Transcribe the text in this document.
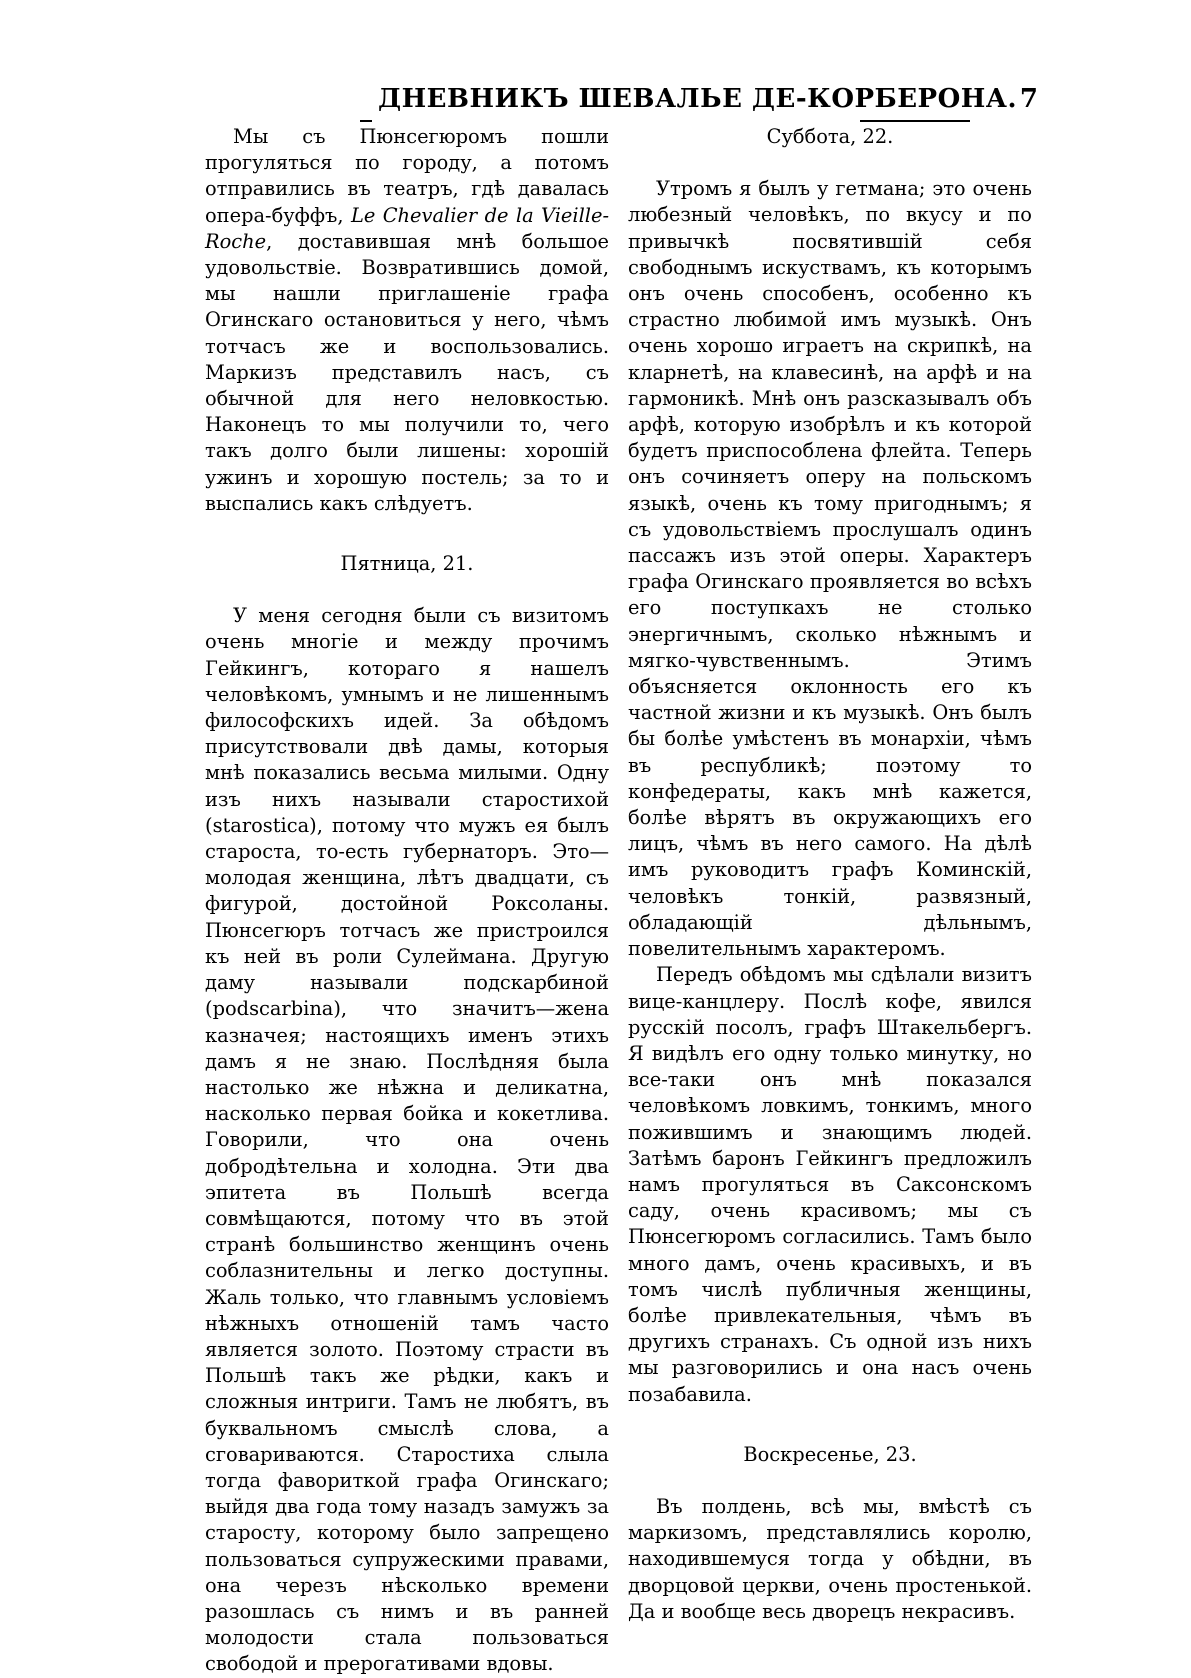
ДНЕВНИКЪ ШЕВАЛЬЕ ДЕ-КОРБЕРОНА. 7

Мы съ Пюнсегюромъ пошли прогуляться по городу, а потомъ отправились въ театръ, гдѣ давалась опера-буффъ, Le Chevalier de la Vieille-Roche, доставившая мнѣ большое удовольствіе. Возвратившись домой, мы нашли приглашеніе графа Огинскаго остановиться у него, чѣмъ тотчасъ же и воспользовались. Маркизъ представилъ насъ, съ обычной для него неловкостью. Наконецъ то мы получили то, чего такъ долго были лишены: хорошій ужинъ и хорошую постель; за то и выспались какъ слѣдуетъ.

Пятница, 21.

У меня сегодня были съ визитомъ очень многіе и между прочимъ Гейкингъ, котораго я нашелъ человѣкомъ, умнымъ и не лишеннымъ философскихъ идей. За обѣдомъ присутствовали двѣ дамы, которыя мнѣ показались весьма милыми. Одну изъ нихъ называли старостихой (starostica), потому что мужъ ея былъ староста, то-есть губернаторъ. Это—молодая женщина, лѣтъ двадцати, съ фигурой, достойной Роксоланы. Пюнсегюръ тотчасъ же пристроился къ ней въ роли Сулеймана. Другую даму называли подскарбиной (podscarbina), что значитъ—жена казначея; настоящихъ именъ этихъ дамъ я не знаю. Послѣдняя была настолько же нѣжна и деликатна, насколько первая бойка и кокетлива. Говорили, что она очень добродѣтельна и холодна. Эти два эпитета въ Польшѣ всегда совмѣщаются, потому что въ этой странѣ большинство женщинъ очень соблазнительны и легко доступны. Жаль только, что главнымъ условіемъ нѣжныхъ отношеній тамъ часто является золото. Поэтому страсти въ Польшѣ такъ же рѣдки, какъ и сложныя интриги. Тамъ не любятъ, въ буквальномъ смыслѣ слова, а сговариваются. Старостиха слыла тогда фавориткой графа Огинскаго; выйдя два года тому назадъ замужъ за старосту, которому было запрещено пользоваться супружескими правами, она черезъ нѣсколько времени разошлась съ нимъ и въ ранней молодости стала пользоваться свободой и прерогативами вдовы.

Суббота, 22.

Утромъ я былъ у гетмана; это очень любезный человѣкъ, по вкусу и по привычкѣ посвятившій себя свободнымъ искуствамъ, къ которымъ онъ очень способенъ, особенно къ страстно любимой имъ музыкѣ. Онъ очень хорошо играетъ на скрипкѣ, на кларнетѣ, на клавесинѣ, на арфѣ и на гармоникѣ. Мнѣ онъ разсказывалъ объ арфѣ, которую изобрѣлъ и къ которой будетъ приспособлена флейта. Теперь онъ сочиняетъ оперу на польскомъ языкѣ, очень къ тому пригоднымъ; я съ удовольствіемъ прослушалъ одинъ пассажъ изъ этой оперы. Характеръ графа Огинскаго проявляется во всѣхъ его поступкахъ не столько энергичнымъ, сколько нѣжнымъ и мягко-чувственнымъ. Этимъ объясняется оклонность его къ частной жизни и къ музыкѣ. Онъ былъ бы болѣе умѣстенъ въ монархіи, чѣмъ въ республикѣ; поэтому то конфедераты, какъ мнѣ кажется, болѣе вѣрятъ въ окружающихъ его лицъ, чѣмъ въ него самого. На дѣлѣ имъ руководитъ графъ Коминскій, человѣкъ тонкій, развязный, обладающій дѣльнымъ, повелительнымъ характеромъ.

Передъ обѣдомъ мы сдѣлали визитъ вице-канцлеру. Послѣ кофе, явился русскій посолъ, графъ Штакельбергъ. Я видѣлъ его одну только минутку, но все-таки онъ мнѣ показался человѣкомъ ловкимъ, тонкимъ, много пожившимъ и знающимъ людей. Затѣмъ баронъ Гейкингъ предложилъ намъ прогуляться въ Саксонскомъ саду, очень красивомъ; мы съ Пюнсегюромъ согласились. Тамъ было много дамъ, очень красивыхъ, и въ томъ числѣ публичныя женщины, болѣе привлекательныя, чѣмъ въ другихъ странахъ. Съ одной изъ нихъ мы разговорились и она насъ очень позабавила.

Воскресенье, 23.

Въ полдень, всѣ мы, вмѣстѣ съ маркизомъ, представлялись королю, находившемуся тогда у обѣдни, въ дворцовой церкви, очень простенькой. Да и вообще весь дворецъ некрасивъ.
